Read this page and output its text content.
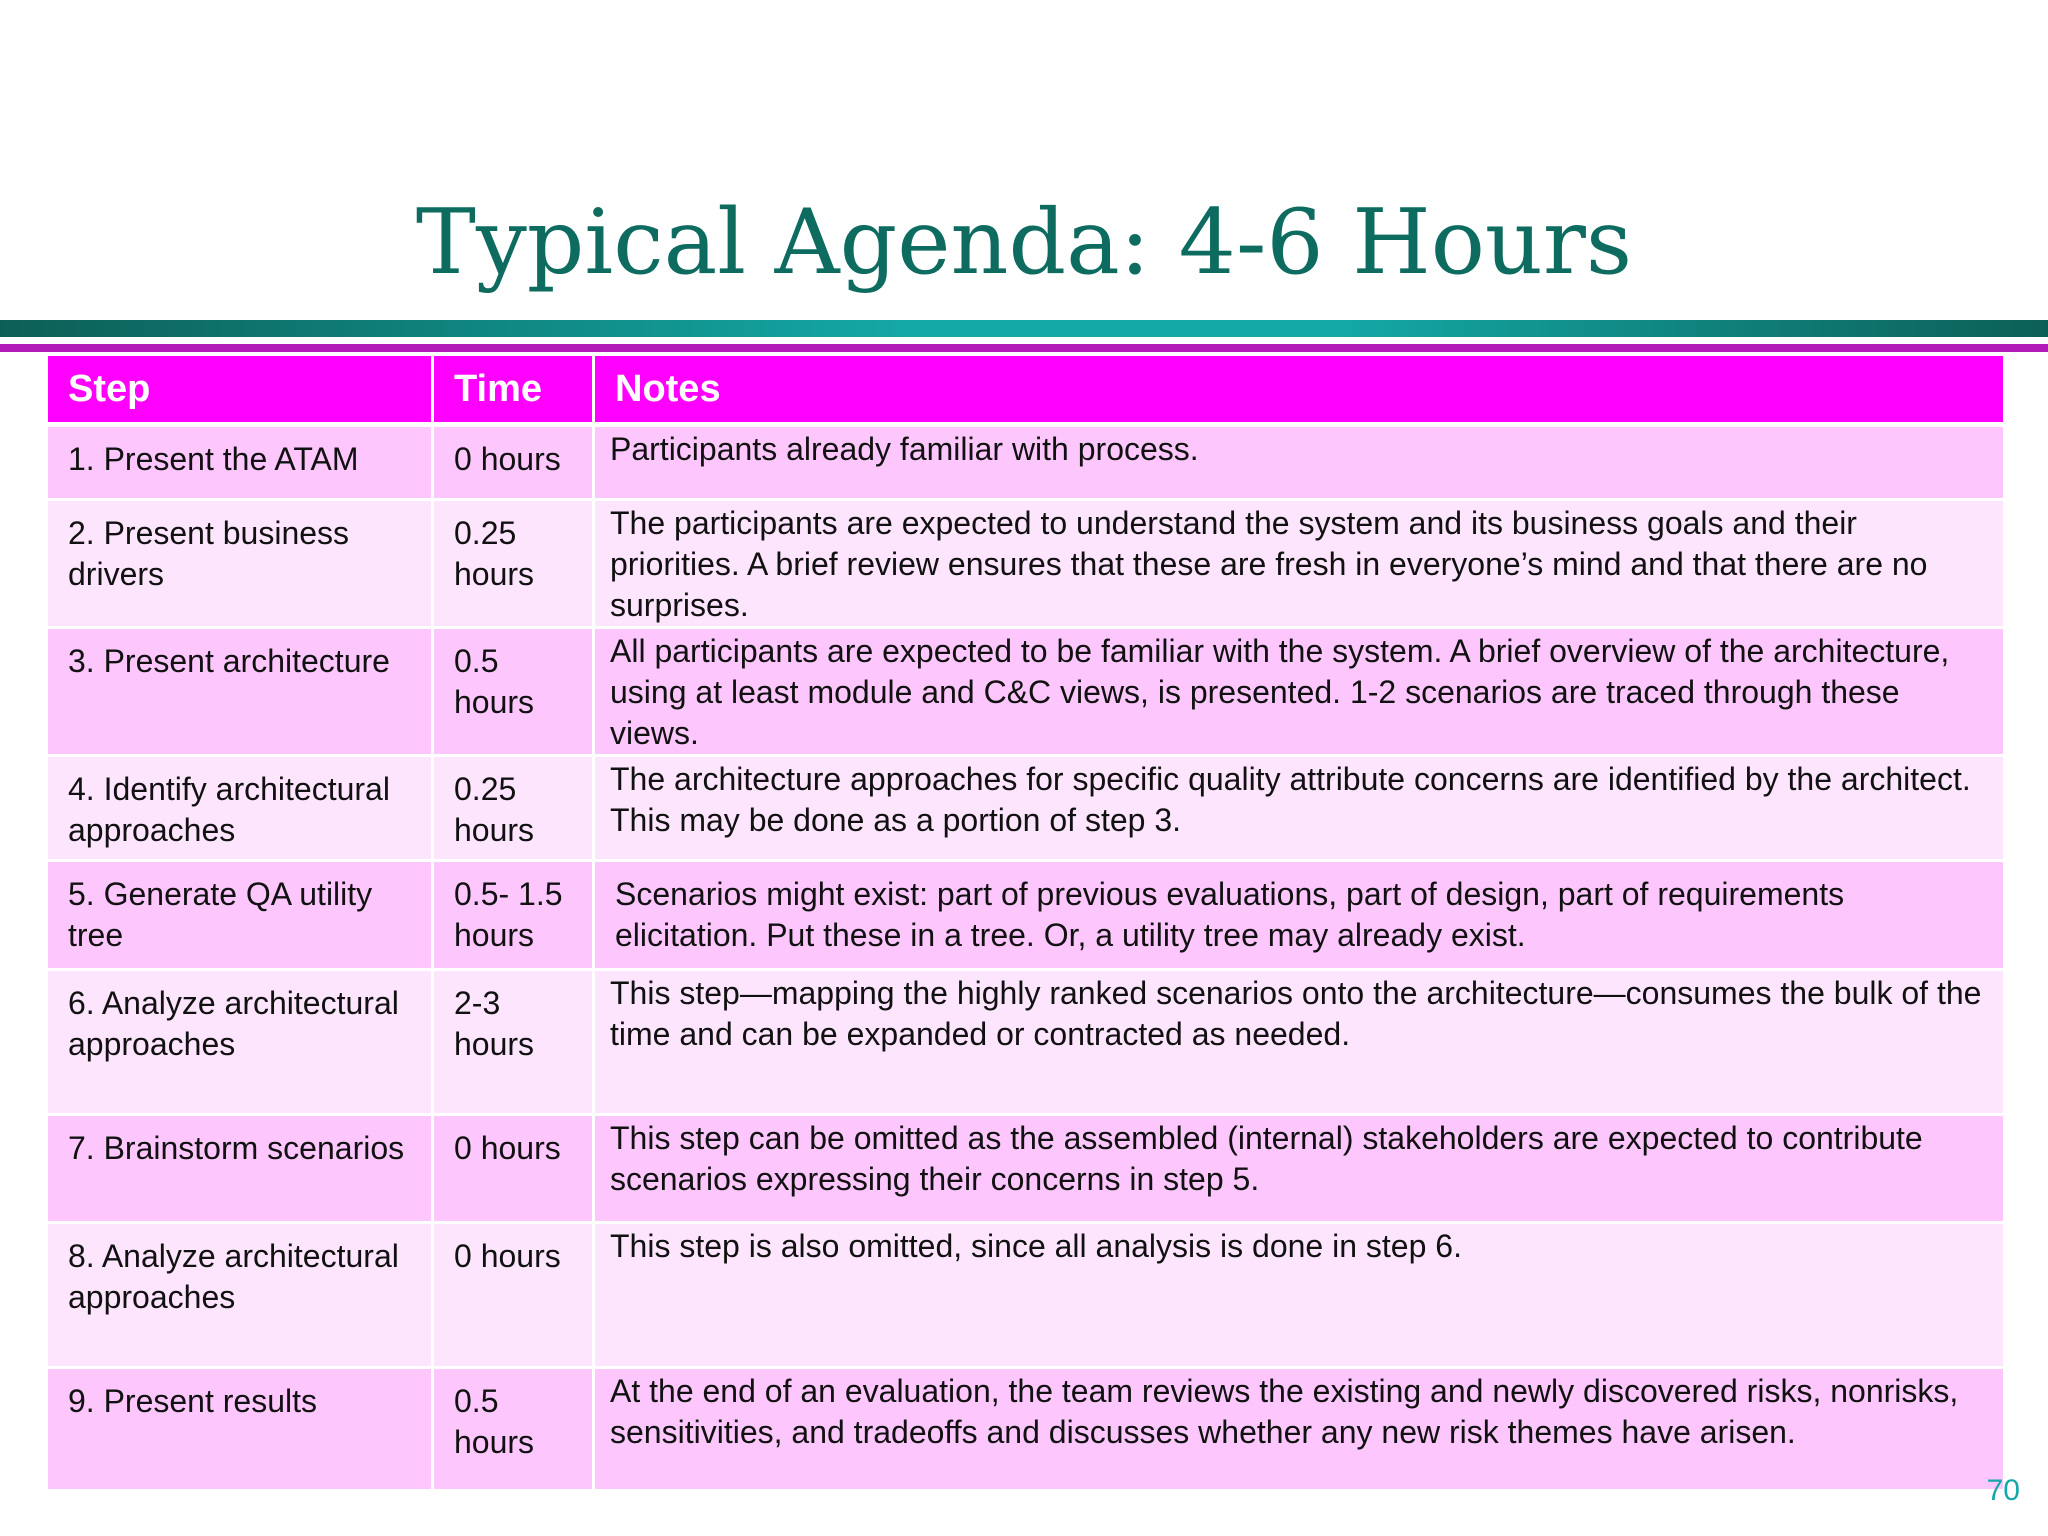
Typical Agenda: 4-6 Hours
Step	Time	Notes
1. Present the ATAM	0 hours	Participants already familiar with process.
2. Present business drivers	0.25 hours	The participants are expected to understand the system and its business goals and their priorities. A brief review ensures that these are fresh in everyone’s mind and that there are no surprises.
3. Present architecture	0.5 hours	All participants are expected to be familiar with the system. A brief overview of the architecture, using at least module and C&C views, is presented. 1-2 scenarios are traced through these views.
4. Identify architectural approaches	0.25 hours	The architecture approaches for specific quality attribute concerns are identified by the architect. This may be done as a portion of step 3.
5. Generate QA utility tree	0.5- 1.5 hours	Scenarios might exist: part of previous evaluations, part of design, part of requirements elicitation. Put these in a tree. Or, a utility tree may already exist.
6. Analyze architectural approaches	2-3 hours	This step—mapping the highly ranked scenarios onto the architecture—consumes the bulk of the time and can be expanded or contracted as needed.
7. Brainstorm scenarios	0 hours	This step can be omitted as the assembled (internal) stakeholders are expected to contribute scenarios expressing their concerns in step 5.
8. Analyze architectural approaches	0 hours	This step is also omitted, since all analysis is done in step 6.
9. Present results	0.5 hours	At the end of an evaluation, the team reviews the existing and newly discovered risks, nonrisks, sensitivities, and tradeoffs and discusses whether any new risk themes have arisen.
70
